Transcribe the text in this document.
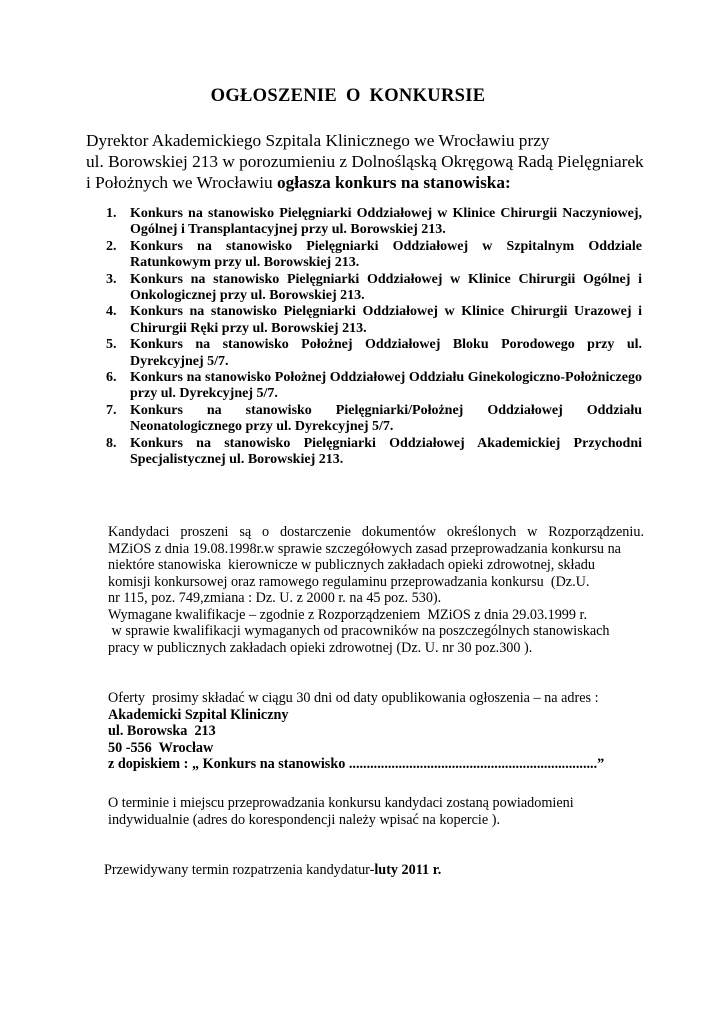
OGŁOSZENIE O KONKURSIE
Dyrektor Akademickiego Szpitala Klinicznego we Wrocławiu przy
ul. Borowskiej 213 w porozumieniu z Dolnośląską Okręgową Radą Pielęgniarek
i Położnych we Wrocławiu ogłasza konkurs na stanowiska:
1. Konkurs na stanowisko Pielęgniarki Oddziałowej w Klinice Chirurgii Naczyniowej, Ogólnej i Transplantacyjnej przy ul. Borowskiej 213.
2. Konkurs na stanowisko Pielęgniarki Oddziałowej w Szpitalnym Oddziale Ratunkowym przy ul. Borowskiej 213.
3. Konkurs na stanowisko Pielęgniarki Oddziałowej w Klinice Chirurgii Ogólnej i Onkologicznej przy ul. Borowskiej 213.
4. Konkurs na stanowisko Pielęgniarki Oddziałowej w Klinice Chirurgii Urazowej i Chirurgii Ręki przy ul. Borowskiej 213.
5. Konkurs na stanowisko Położnej Oddziałowej Bloku Porodowego przy ul. Dyrekcyjnej 5/7.
6. Konkurs na stanowisko Położnej Oddziałowej Oddziału Ginekologiczno-Położniczego przy ul. Dyrekcyjnej 5/7.
7. Konkurs na stanowisko Pielęgniarki/Położnej Oddziałowej Oddziału Neonatologicznego przy ul. Dyrekcyjnej 5/7.
8. Konkurs na stanowisko Pielęgniarki Oddziałowej Akademickiej Przychodni Specjalistycznej ul. Borowskiej 213.
Kandydaci proszeni są o dostarczenie dokumentów określonych w Rozporządzeniu.
MZiOS z dnia 19.08.1998r.w sprawie szczegółowych zasad przeprowadzania konkursu na
niektóre stanowiska  kierownicze w publicznych zakładach opieki zdrowotnej, składu
komisji konkursowej oraz ramowego regulaminu przeprowadzania konkursu  (Dz.U.
nr 115, poz. 749,zmiana : Dz. U. z 2000 r. na 45 poz. 530).
Wymagane kwalifikacje – zgodnie z Rozporządzeniem  MZiOS z dnia 29.03.1999 r.
w sprawie kwalifikacji wymaganych od pracowników na poszczególnych stanowiskach
pracy w publicznych zakładach opieki zdrowotnej (Dz. U. nr 30 poz.300 ).
Oferty  prosimy składać w ciągu 30 dni od daty opublikowania ogłoszenia – na adres :
Akademicki Szpital Kliniczny
ul. Borowska  213
50 -556  Wrocław
z dopiskiem : „ Konkurs na stanowisko ......................................................................”
O terminie i miejscu przeprowadzania konkursu kandydaci zostaną powiadomieni
indywidualnie (adres do korespondencji należy wpisać na kopercie ).
Przewidywany termin rozpatrzenia kandydatur-luty 2011 r.
